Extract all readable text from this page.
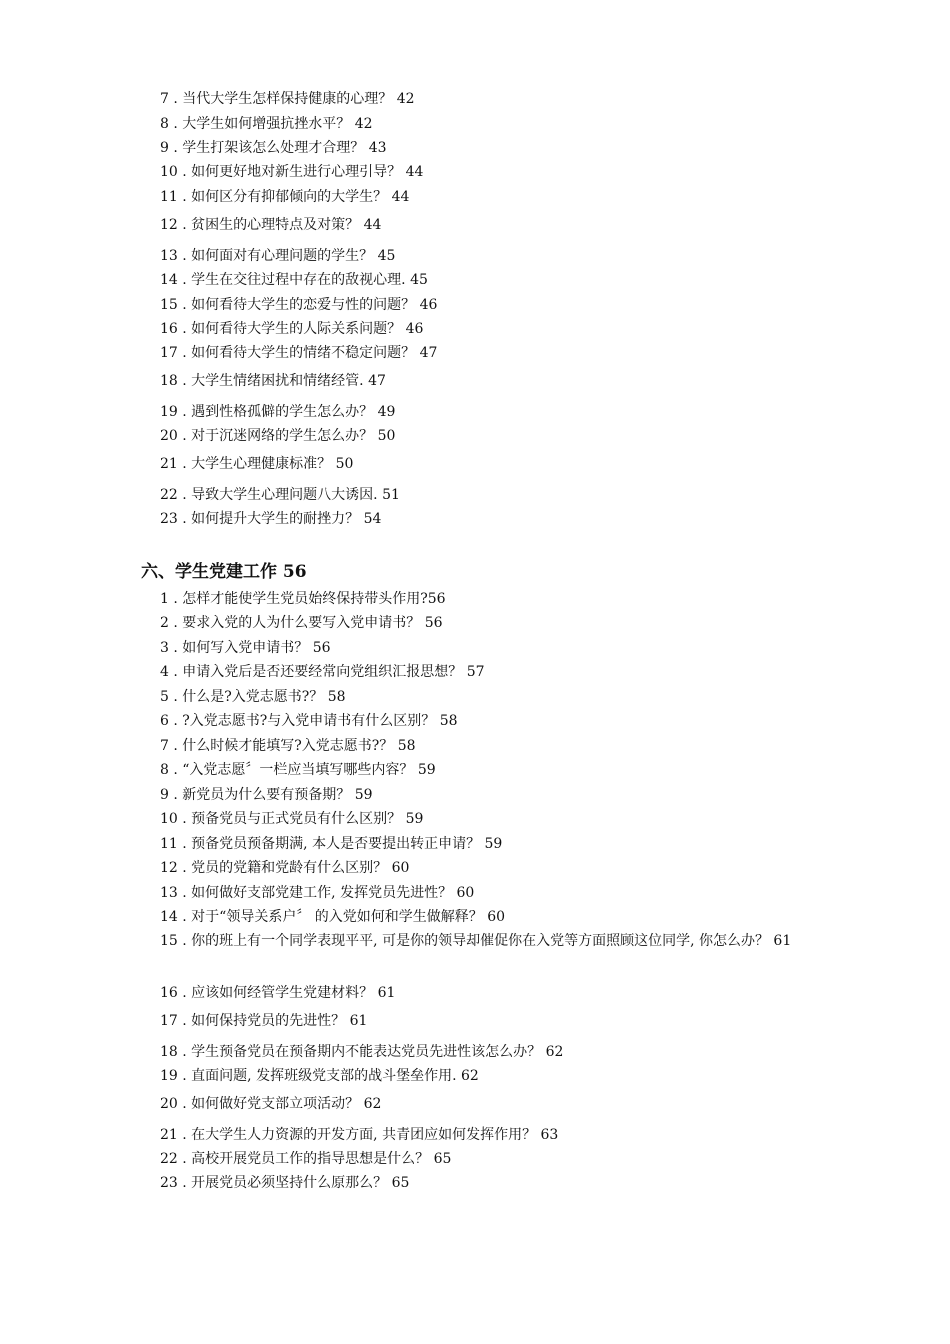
7 . 当代大学生怎样保持健康的心理？ 42
8 . 大学生如何增强抗挫水平？ 42
9 . 学生打架该怎么处理才合理？ 43
10 . 如何更好地对新生进行心理引导？ 44
11 . 如何区分有抑郁倾向的大学生？ 44
12 . 贫困生的心理特点及对策？ 44
13 . 如何面对有心理问题的学生？ 45
14 . 学生在交往过程中存在的敌视心理. 45
15 . 如何看待大学生的恋爱与性的问题？ 46
16 . 如何看待大学生的人际关系问题？ 46
17 . 如何看待大学生的情绪不稳定问题？ 47
18 . 大学生情绪困扰和情绪经管. 47
19 . 遇到性格孤僻的学生怎么办？ 49
20 . 对于沉迷网络的学生怎么办？ 50
21 . 大学生心理健康标准？ 50
22 . 导致大学生心理问题八大诱因. 51
23 . 如何提升大学生的耐挫力？ 54
六、学生党建工作 56
1 . 怎样才能使学生党员始终保持带头作用?56
2 . 要求入党的人为什么要写入党申请书？ 56
3 . 如何写入党申请书？ 56
4 . 申请入党后是否还要经常向党组织汇报思想？ 57
5 . 什么是?入党志愿书?？ 58
6 . ?入党志愿书?与入党申请书有什么区别？ 58
7 . 什么时候才能填写?入党志愿书?？ 58
8 . “入党志愿〞一栏应当填写哪些内容？ 59
9 . 新党员为什么要有预备期？ 59
10 . 预备党员与正式党员有什么区别？ 59
11 . 预备党员预备期满, 本人是否要提出转正申请？ 59
12 . 党员的党籍和党龄有什么区别？ 60
13 . 如何做好支部党建工作, 发挥党员先进性？ 60
14 . 对于“领导关系户〞 的入党如何和学生做解释？ 60
15 . 你的班上有一个同学表现平平, 可是你的领导却催促你在入党等方面照顾这位同学, 你怎么办？ 61
16 . 应该如何经管学生党建材料？ 61
17 . 如何保持党员的先进性？ 61
18 . 学生预备党员在预备期内不能表达党员先进性该怎么办？ 62
19 . 直面问题, 发挥班级党支部的战斗堡垒作用. 62
20 . 如何做好党支部立项活动？ 62
21 . 在大学生人力资源的开发方面, 共青团应如何发挥作用？ 63
22 . 高校开展党员工作的指导思想是什么？ 65
23 . 开展党员必须坚持什么原那么？ 65
